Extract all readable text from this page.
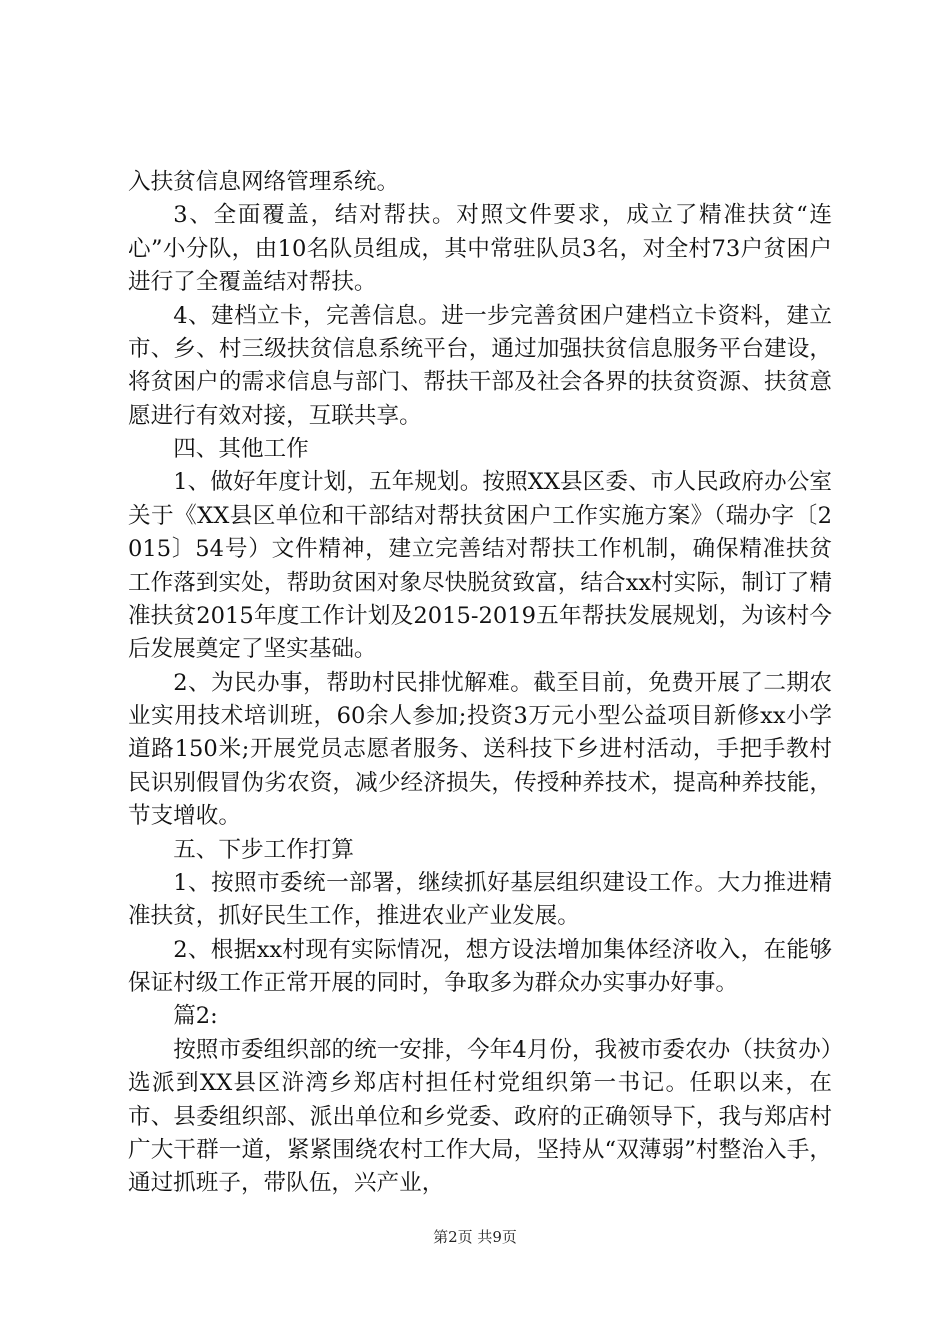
入扶贫信息网络管理系统。

3、全面覆盖，结对帮扶。对照文件要求，成立了精准扶贫“连心”小分队，由10名队员组成，其中常驻队员3名，对全村73户贫困户进行了全覆盖结对帮扶。

4、建档立卡，完善信息。进一步完善贫困户建档立卡资料，建立市、乡、村三级扶贫信息系统平台，通过加强扶贫信息服务平台建设，将贫困户的需求信息与部门、帮扶干部及社会各界的扶贫资源、扶贫意愿进行有效对接，互联共享。

四、其他工作

1、做好年度计划，五年规划。按照XX县区委、市人民政府办公室关于《XX县区单位和干部结对帮扶贫困户工作实施方案》（瑞办字〔2015〕54号）文件精神，建立完善结对帮扶工作机制，确保精准扶贫工作落到实处，帮助贫困对象尽快脱贫致富，结合xx村实际，制订了精准扶贫2015年度工作计划及2015-2019五年帮扶发展规划，为该村今后发展奠定了坚实基础。

2、为民办事，帮助村民排忧解难。截至目前，免费开展了二期农业实用技术培训班，60余人参加;投资3万元小型公益项目新修xx小学道路150米;开展党员志愿者服务、送科技下乡进村活动，手把手教村民识别假冒伪劣农资，减少经济损失，传授种养技术，提高种养技能，节支增收。

五、下步工作打算

1、按照市委统一部署，继续抓好基层组织建设工作。大力推进精准扶贫，抓好民生工作，推进农业产业发展。

2、根据xx村现有实际情况，想方设法增加集体经济收入，在能够保证村级工作正常开展的同时，争取多为群众办实事办好事。

篇2:

按照市委组织部的统一安排，今年4月份，我被市委农办（扶贫办）选派到XX县区浒湾乡郑店村担任村党组织第一书记。任职以来，在市、县委组织部、派出单位和乡党委、政府的正确领导下，我与郑店村广大干群一道，紧紧围绕农村工作大局，坚持从“双薄弱”村整治入手，通过抓班子，带队伍，兴产业，

第2页 共9页
